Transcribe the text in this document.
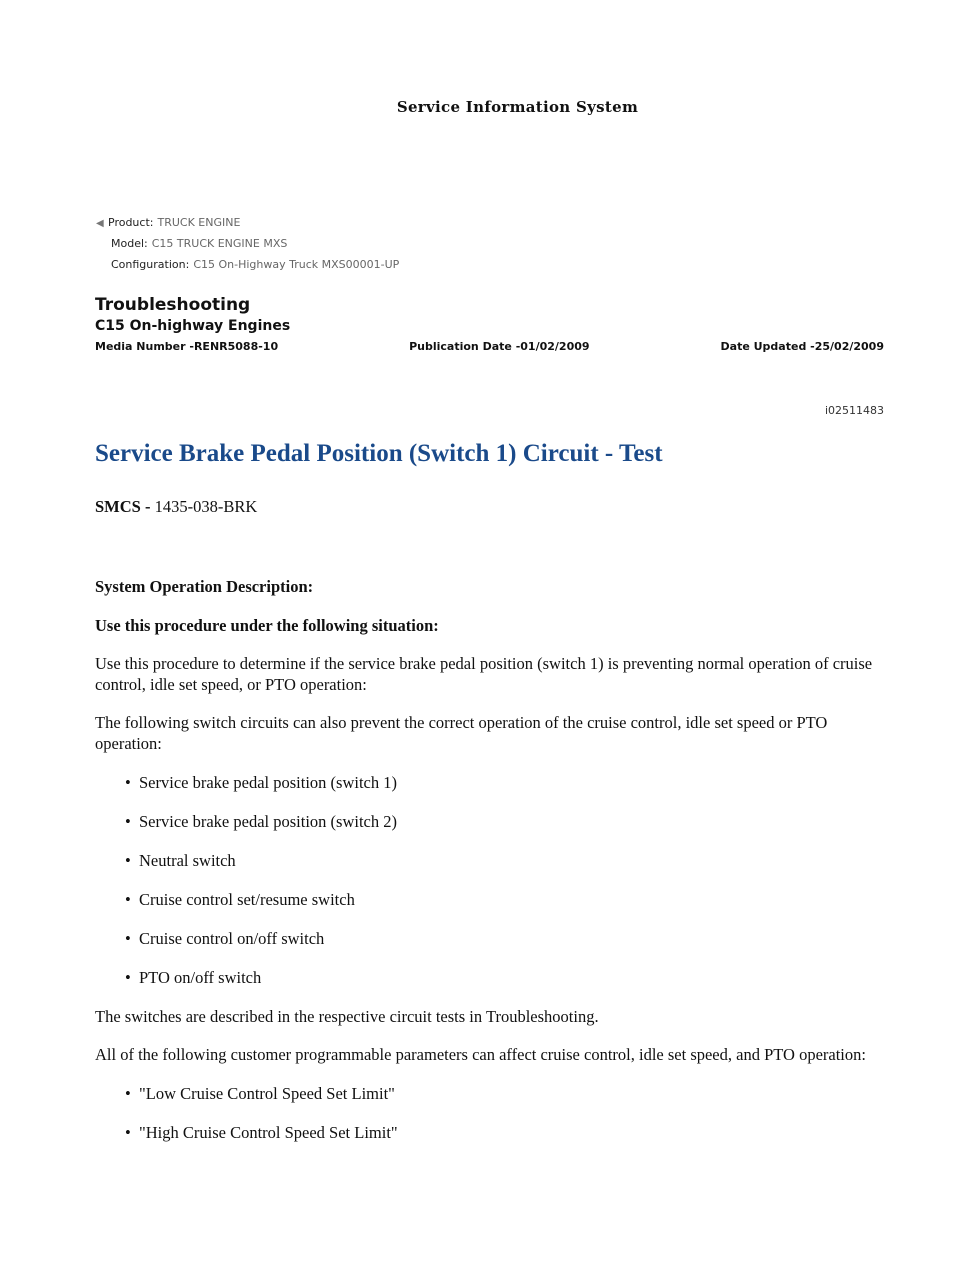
Service Information System
◀ Product: TRUCK ENGINE
Model: C15 TRUCK ENGINE MXS
Configuration: C15 On-Highway Truck MXS00001-UP
Troubleshooting
C15 On-highway Engines
Media Number -RENR5088-10	Publication Date -01/02/2009	Date Updated -25/02/2009
i02511483
Service Brake Pedal Position (Switch 1) Circuit - Test

SMCS - 1435-038-BRK

System Operation Description:

Use this procedure under the following situation:

Use this procedure to determine if the service brake pedal position (switch 1) is preventing normal operation of cruise control, idle set speed, or PTO operation:

The following switch circuits can also prevent the correct operation of the cruise control, idle set speed or PTO operation:

• Service brake pedal position (switch 1)
• Service brake pedal position (switch 2)
• Neutral switch
• Cruise control set/resume switch
• Cruise control on/off switch
• PTO on/off switch

The switches are described in the respective circuit tests in Troubleshooting.

All of the following customer programmable parameters can affect cruise control, idle set speed, and PTO operation:

• "Low Cruise Control Speed Set Limit"
• "High Cruise Control Speed Set Limit"
